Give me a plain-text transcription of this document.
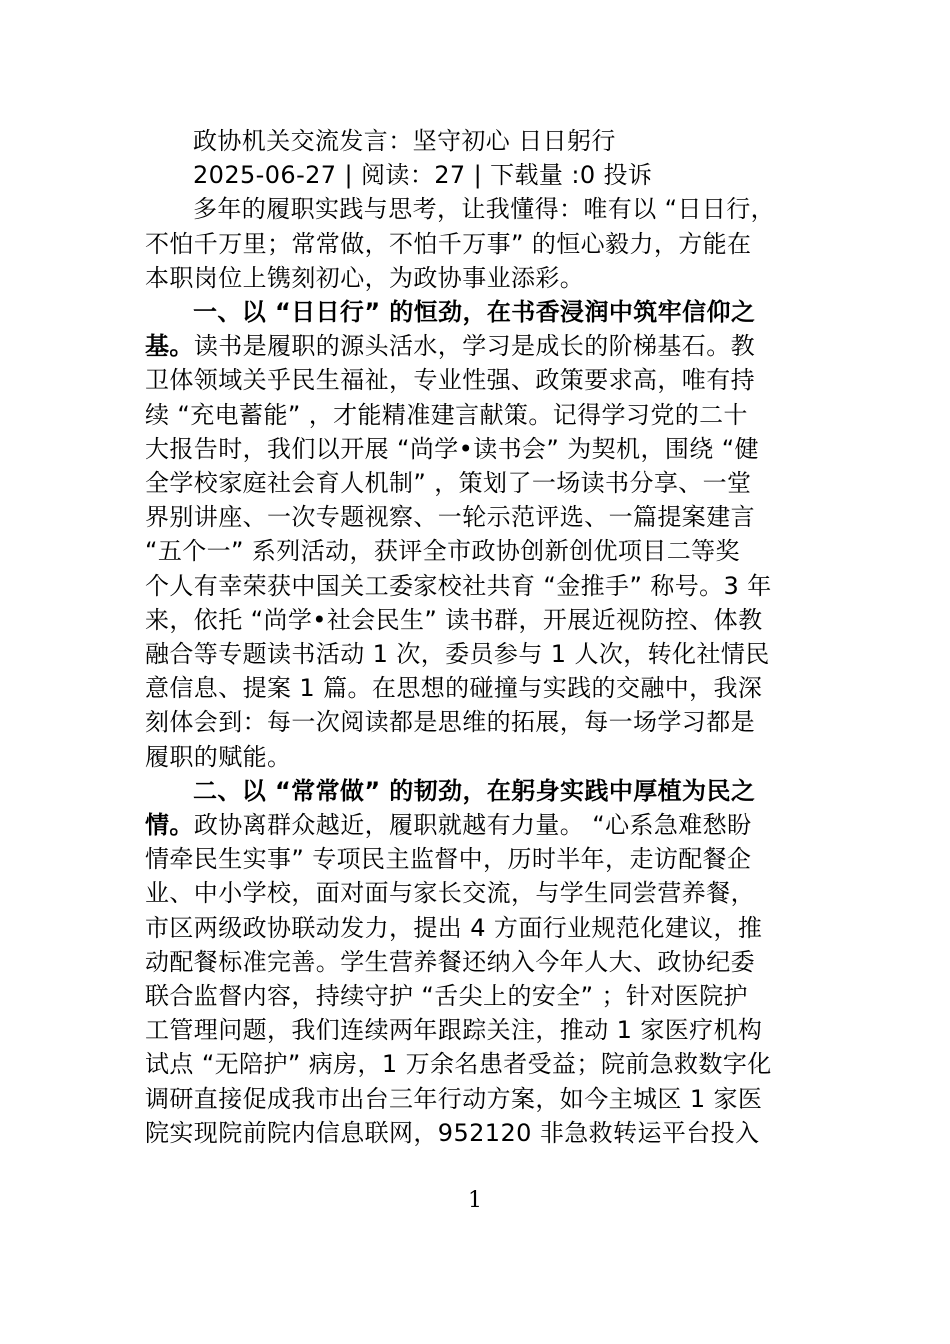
政协机关交流发言：坚守初心 日日躬行
2025-06-27 | 阅读：27 | 下载量 :0 投诉
多年的履职实践与思考，让我懂得：唯有以 “日日行，
不怕千万里；常常做，不怕千万事” 的恒心毅力，方能在
本职岗位上镌刻初心，为政协事业添彩。
一、以 “日日行” 的恒劲，在书香浸润中筑牢信仰之
基。读书是履职的源头活水，学习是成长的阶梯基石。教
卫体领域关乎民生福祉，专业性强、政策要求高，唯有持
续 “充电蓄能” ，才能精准建言献策。记得学习党的二十
大报告时，我们以开展 “尚学•读书会” 为契机，围绕 “健
全学校家庭社会育人机制” ，策划了一场读书分享、一堂
界别讲座、一次专题视察、一轮示范评选、一篇提案建言
“五个一” 系列活动，获评全市政协创新创优项目二等奖
个人有幸荣获中国关工委家校社共育 “金推手” 称号。3 年
来，依托 “尚学•社会民生” 读书群，开展近视防控、体教
融合等专题读书活动 1 次，委员参与 1 人次，转化社情民
意信息、提案 1 篇。在思想的碰撞与实践的交融中，我深
刻体会到：每一次阅读都是思维的拓展，每一场学习都是
履职的赋能。
二、以 “常常做” 的韧劲，在躬身实践中厚植为民之
情。政协离群众越近，履职就越有力量。 “心系急难愁盼
情牵民生实事” 专项民主监督中，历时半年，走访配餐企
业、中小学校，面对面与家长交流，与学生同尝营养餐，
市区两级政协联动发力，提出 4 方面行业规范化建议，推
动配餐标准完善。学生营养餐还纳入今年人大、政协纪委
联合监督内容，持续守护 “舌尖上的安全” ；针对医院护
工管理问题，我们连续两年跟踪关注，推动 1 家医疗机构
试点 “无陪护” 病房，1 万余名患者受益；院前急救数字化
调研直接促成我市出台三年行动方案，如今主城区 1 家医
院实现院前院内信息联网，952120 非急救转运平台投入
1
